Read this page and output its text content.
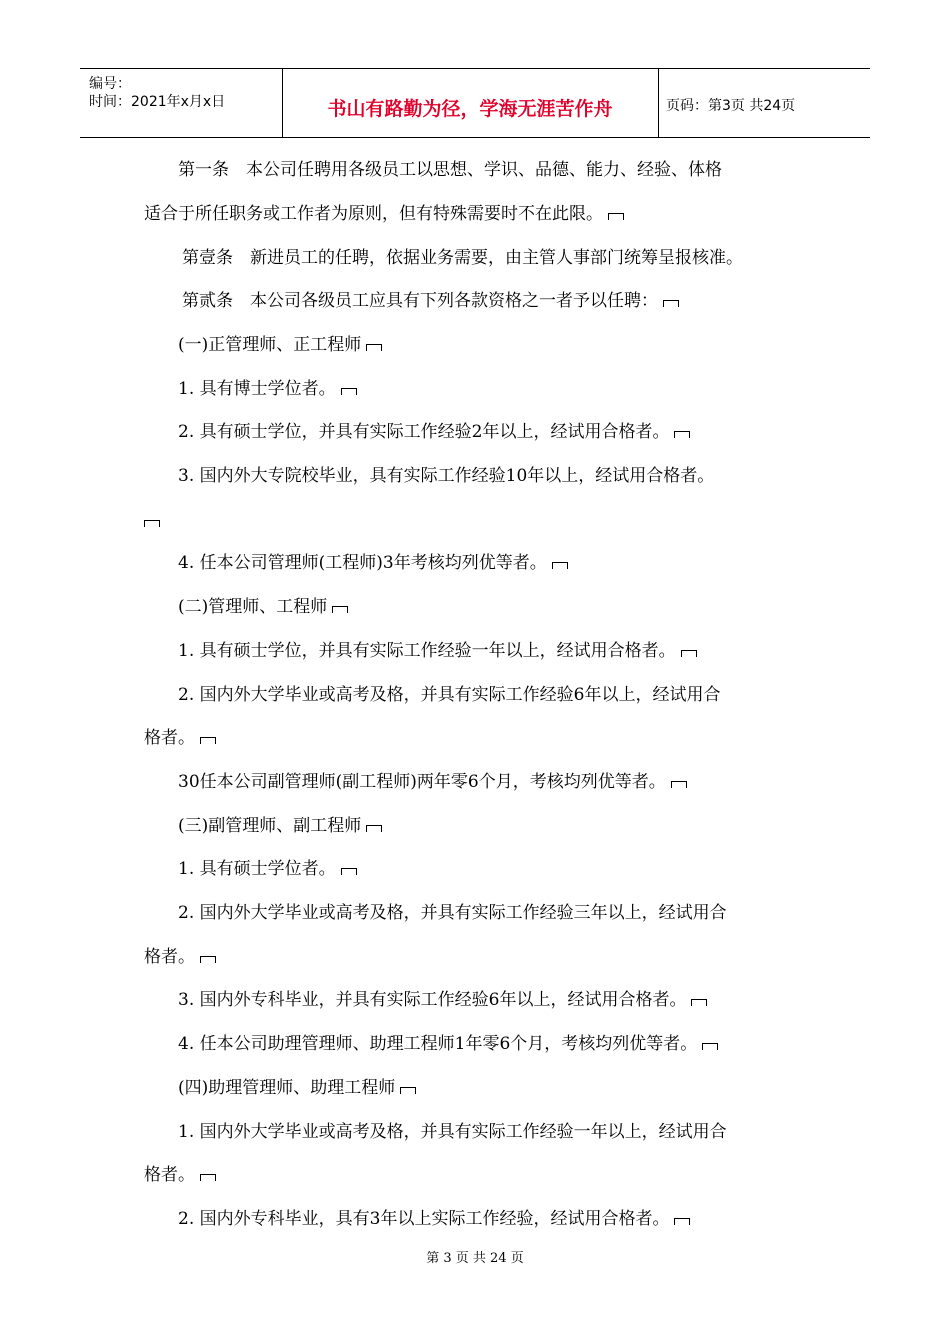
编号：
时间：2021年x月x日	书山有路勤为径，学海无涯苦作舟	页码：第3页 共24页
第一条　本公司任聘用各级员工以思想、学识、品德、能力、经验、体格
适合于所任职务或工作者为原则，但有特殊需要时不在此限。
第壹条　新进员工的任聘，依据业务需要，由主管人事部门统筹呈报核准。
第贰条　本公司各级员工应具有下列各款资格之一者予以任聘：
(一)正管理师、正工程师
1. 具有博士学位者。
2. 具有硕士学位，并具有实际工作经验2年以上，经试用合格者。
3. 国内外大专院校毕业，具有实际工作经验10年以上，经试用合格者。
4. 任本公司管理师(工程师)3年考核均列优等者。
(二)管理师、工程师
1. 具有硕士学位，并具有实际工作经验一年以上，经试用合格者。
2. 国内外大学毕业或高考及格，并具有实际工作经验6年以上，经试用合
格者。
30任本公司副管理师(副工程师)两年零6个月，考核均列优等者。
(三)副管理师、副工程师
1. 具有硕士学位者。
2. 国内外大学毕业或高考及格，并具有实际工作经验三年以上，经试用合
格者。
3. 国内外专科毕业，并具有实际工作经验6年以上，经试用合格者。
4. 任本公司助理管理师、助理工程师1年零6个月，考核均列优等者。
(四)助理管理师、助理工程师
1. 国内外大学毕业或高考及格，并具有实际工作经验一年以上，经试用合
格者。
2. 国内外专科毕业，具有3年以上实际工作经验，经试用合格者。
第 3 页 共 24 页
